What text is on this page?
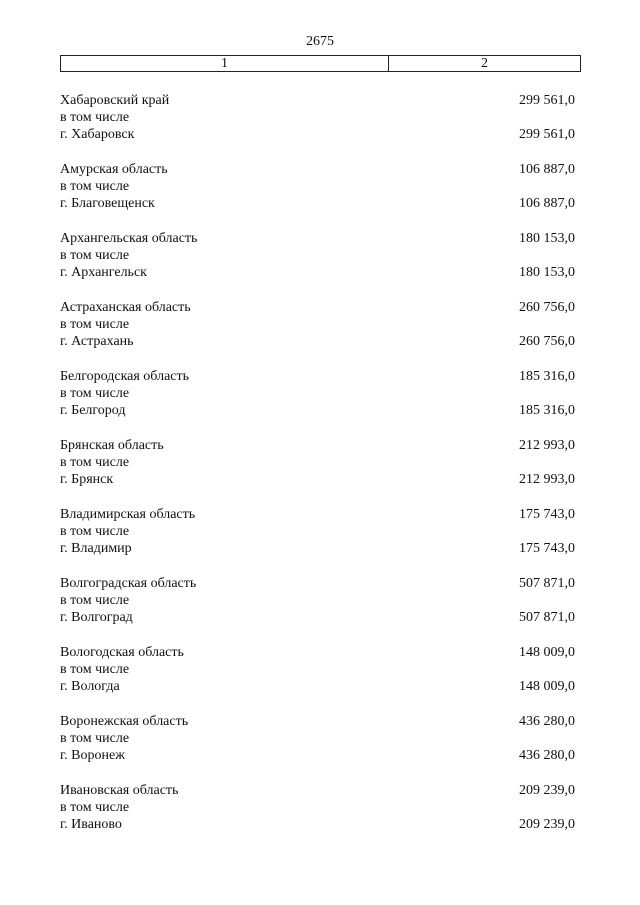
2675
1	2
Хабаровский край	299 561,0
в том числе
г. Хабаровск	299 561,0
Амурская область	106 887,0
в том числе
г. Благовещенск	106 887,0
Архангельская область	180 153,0
в том числе
г. Архангельск	180 153,0
Астраханская область	260 756,0
в том числе
г. Астрахань	260 756,0
Белгородская область	185 316,0
в том числе
г. Белгород	185 316,0
Брянская область	212 993,0
в том числе
г. Брянск	212 993,0
Владимирская область	175 743,0
в том числе
г. Владимир	175 743,0
Волгоградская область	507 871,0
в том числе
г. Волгоград	507 871,0
Вологодская область	148 009,0
в том числе
г. Вологда	148 009,0
Воронежская область	436 280,0
в том числе
г. Воронеж	436 280,0
Ивановская область	209 239,0
в том числе
г. Иваново	209 239,0
